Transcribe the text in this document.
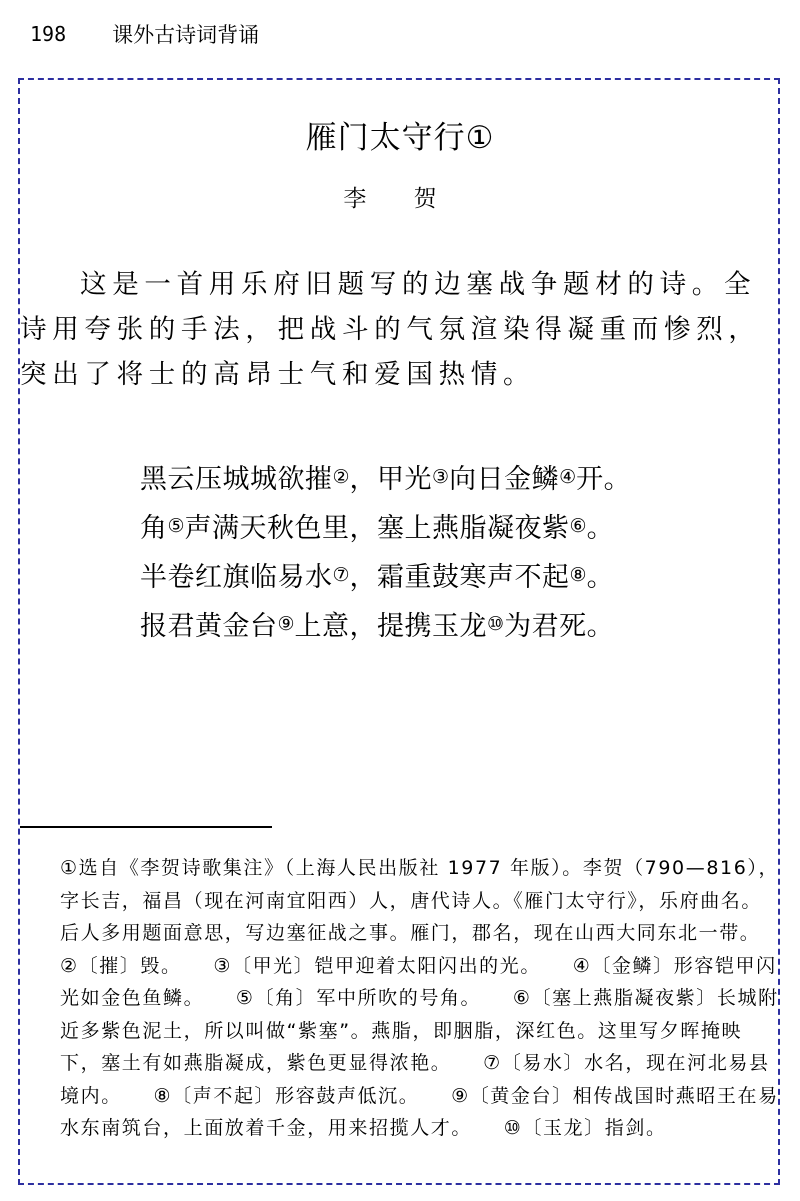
198 课外古诗词背诵
雁门太守行①
李 贺

这是一首用乐府旧题写的边塞战争题材的诗。全诗用夸张的手法，把战斗的气氛渲染得凝重而惨烈，突出了将士的高昂士气和爱国热情。

黑云压城城欲摧②，甲光③向日金鳞④开。
角⑤声满天秋色里，塞上燕脂凝夜紫⑥。
半卷红旗临易水⑦，霜重鼓寒声不起⑧。
报君黄金台⑨上意，提携玉龙⑩为君死。

①选自《李贺诗歌集注》（上海人民出版社 1977 年版）。李贺（790—816），字长吉，福昌（现在河南宜阳西）人，唐代诗人。《雁门太守行》，乐府曲名。后人多用题面意思，写边塞征战之事。雁门，郡名，现在山西大同东北一带。　　②〔摧〕毁。　　 ③〔甲光〕铠甲迎着太阳闪出的光。　　 ④〔金鳞〕形容铠甲闪光如金色鱼鳞。　　 ⑤〔角〕军中所吹的号角。　　 ⑥〔塞上燕脂凝夜紫〕长城附近多紫色泥土，所以叫做“紫塞”。燕脂，即胭脂，深红色。这里写夕晖掩映下，塞土有如燕脂凝成，紫色更显得浓艳。　　 ⑦〔易水〕水名，现在河北易县境内。　　 ⑧〔声不起〕形容鼓声低沉。　　 ⑨〔黄金台〕相传战国时燕昭王在易水东南筑台，上面放着千金，用来招揽人才。　　 ⑩〔玉龙〕指剑。
